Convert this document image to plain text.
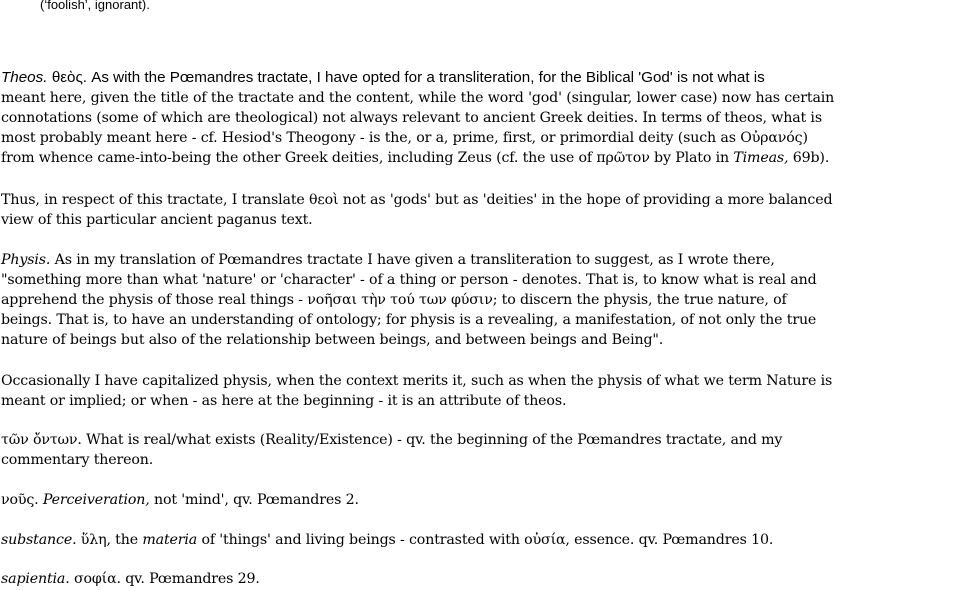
(‘foolish’, ignorant).

Theos. θεὸς. As with the Pœmandres tractate, I have opted for a transliteration, for the Biblical 'God' is not what is
meant here, given the title of the tractate and the content, while the word 'god' (singular, lower case) now has certain
connotations (some of which are theological) not always relevant to ancient Greek deities. In terms of theos, what is
most probably meant here - cf. Hesiod's Theogony - is the, or a, prime, first, or primordial deity (such as Οὐρανός)
from whence came-into-being the other Greek deities, including Zeus (cf. the use of πρῶτον by Plato in Timeas, 69b).

Thus, in respect of this tractate, I translate θεοὶ not as 'gods' but as 'deities' in the hope of providing a more balanced
view of this particular ancient paganus text.

Physis. As in my translation of Pœmandres tractate I have given a transliteration to suggest, as I wrote there,
"something more than what 'nature' or 'character' - of a thing or person - denotes. That is, to know what is real and
apprehend the physis of those real things - νοῆσαι τὴν τού των φύσιν; to discern the physis, the true nature, of
beings. That is, to have an understanding of ontology; for physis is a revealing, a manifestation, of not only the true
nature of beings but also of the relationship between beings, and between beings and Being".

Occasionally I have capitalized physis, when the context merits it, such as when the physis of what we term Nature is
meant or implied; or when - as here at the beginning - it is an attribute of theos.

τῶν ὄντων. What is real/what exists (Reality/Existence) - qv. the beginning of the Pœmandres tractate, and my
commentary thereon.

νοῦς. Perceiveration, not 'mind', qv. Pœmandres 2.

substance. ὕλη, the materia of 'things' and living beings - contrasted with οὐσία, essence. qv. Pœmandres 10.

sapientia. σοφία. qv. Pœmandres 29.
